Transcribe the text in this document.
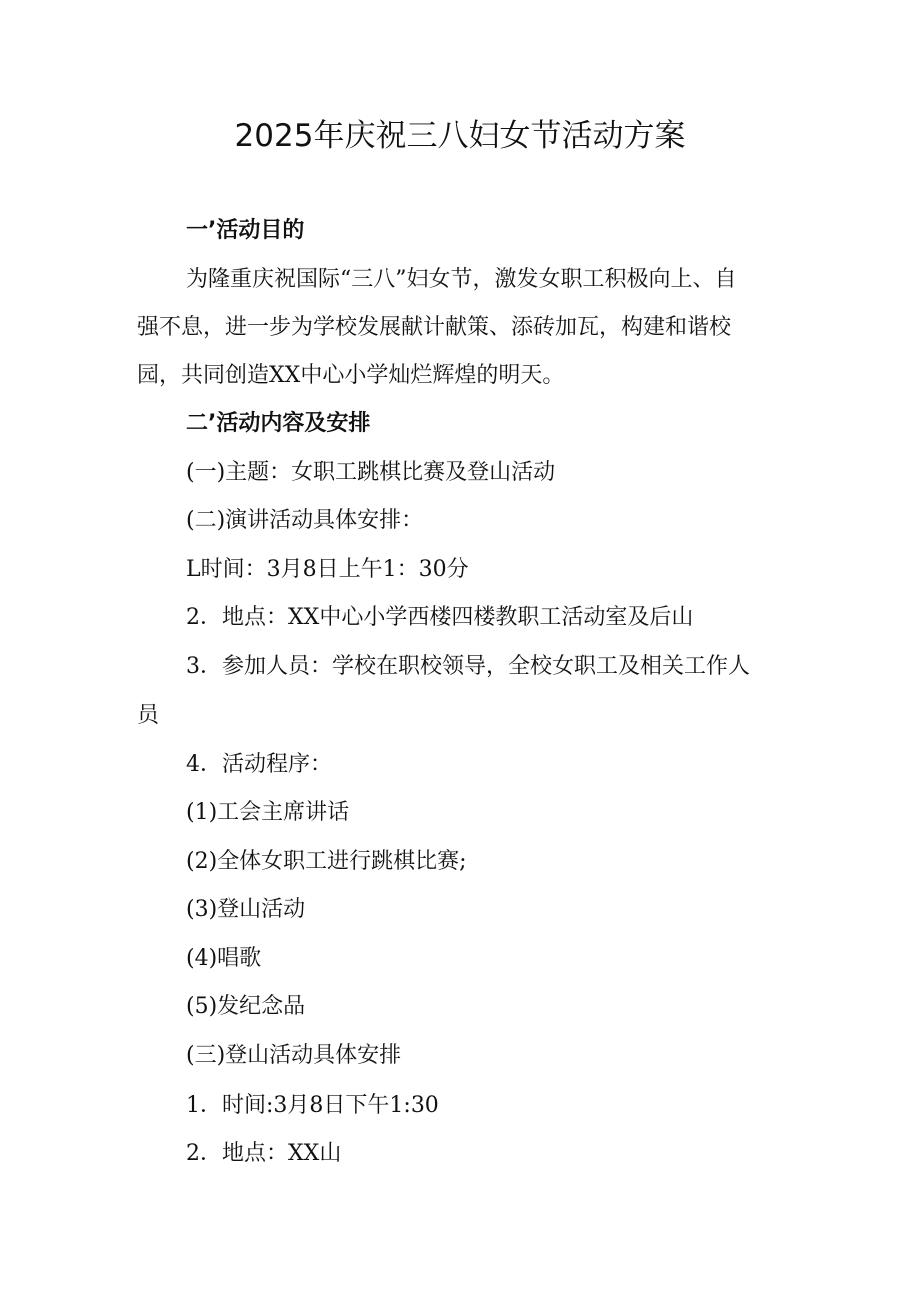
2025年庆祝三八妇女节活动方案
一’活动目的
为隆重庆祝国际“三八”妇女节，激发女职工积极向上、自
强不息，进一步为学校发展献计献策、添砖加瓦，构建和谐校
园，共同创造XX中心小学灿烂辉煌的明天。
二’活动内容及安排
(一)主题：女职工跳棋比赛及登山活动
(二)演讲活动具体安排：
L时间：3月8日上午1：30分
2．地点：XX中心小学西楼四楼教职工活动室及后山
3．参加人员：学校在职校领导，全校女职工及相关工作人
员
4．活动程序：
(1)工会主席讲话
(2)全体女职工进行跳棋比赛;
(3)登山活动
(4)唱歌
(5)发纪念品
(三)登山活动具体安排
1．时间:3月8日下午1:30
2．地点：XX山
